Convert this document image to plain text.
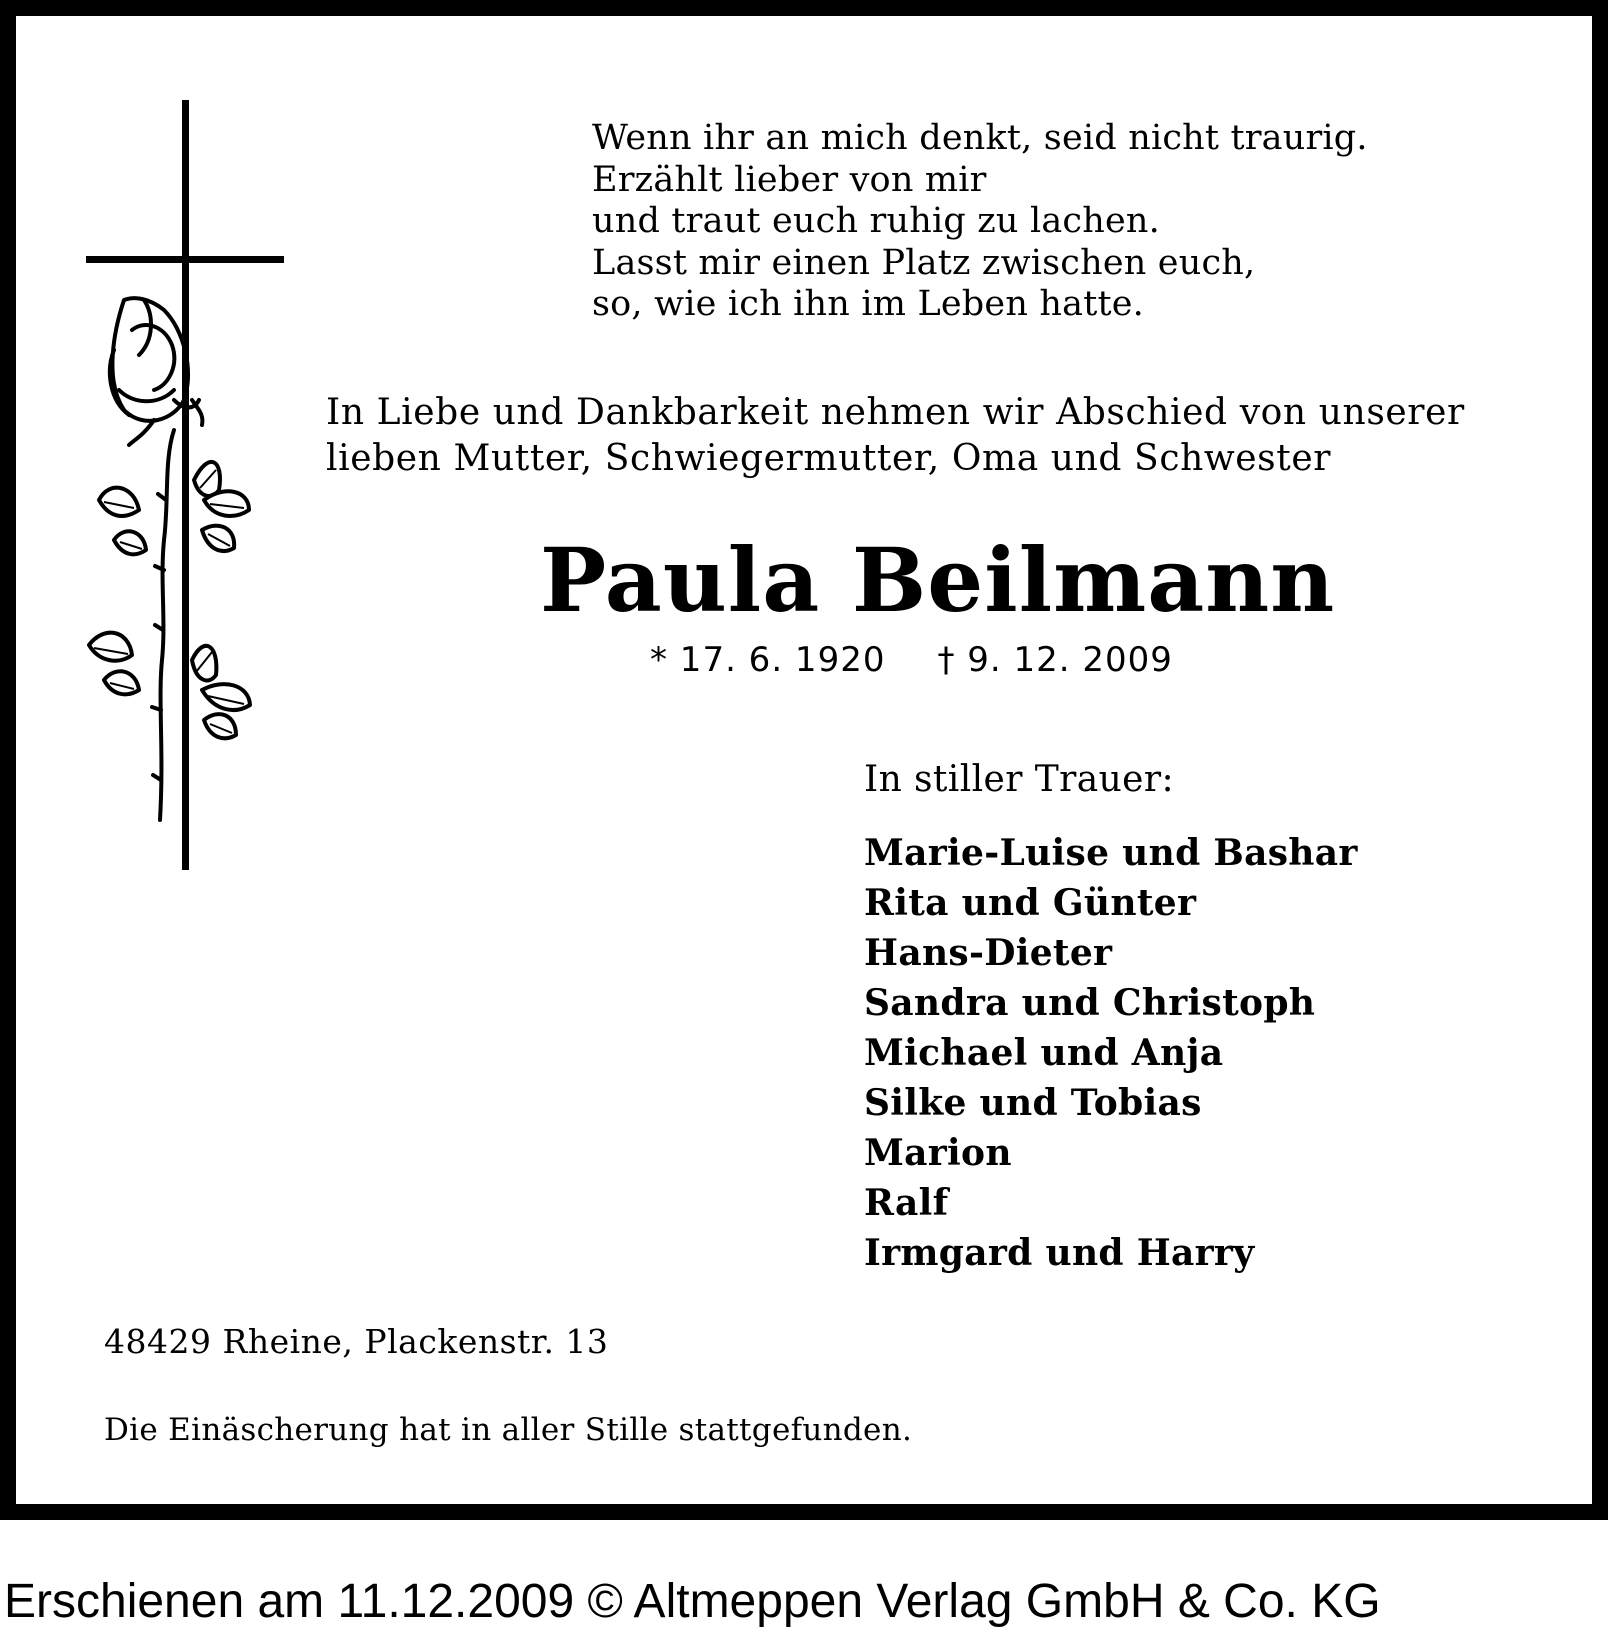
Wenn ihr an mich denkt, seid nicht traurig.
Erzählt lieber von mir
und traut euch ruhig zu lachen.
Lasst mir einen Platz zwischen euch,
so, wie ich ihn im Leben hatte.
In Liebe und Dankbarkeit nehmen wir Abschied von unserer
lieben Mutter, Schwiegermutter, Oma und Schwester
Paula Beilmann
* 17. 6. 1920 † 9. 12. 2009
In stiller Trauer:
Marie-Luise und Bashar
Rita und Günter
Hans-Dieter
Sandra und Christoph
Michael und Anja
Silke und Tobias
Marion
Ralf
Irmgard und Harry
48429 Rheine, Plackenstr. 13
Die Einäscherung hat in aller Stille stattgefunden.
Erschienen am 11.12.2009 © Altmeppen Verlag GmbH & Co. KG
